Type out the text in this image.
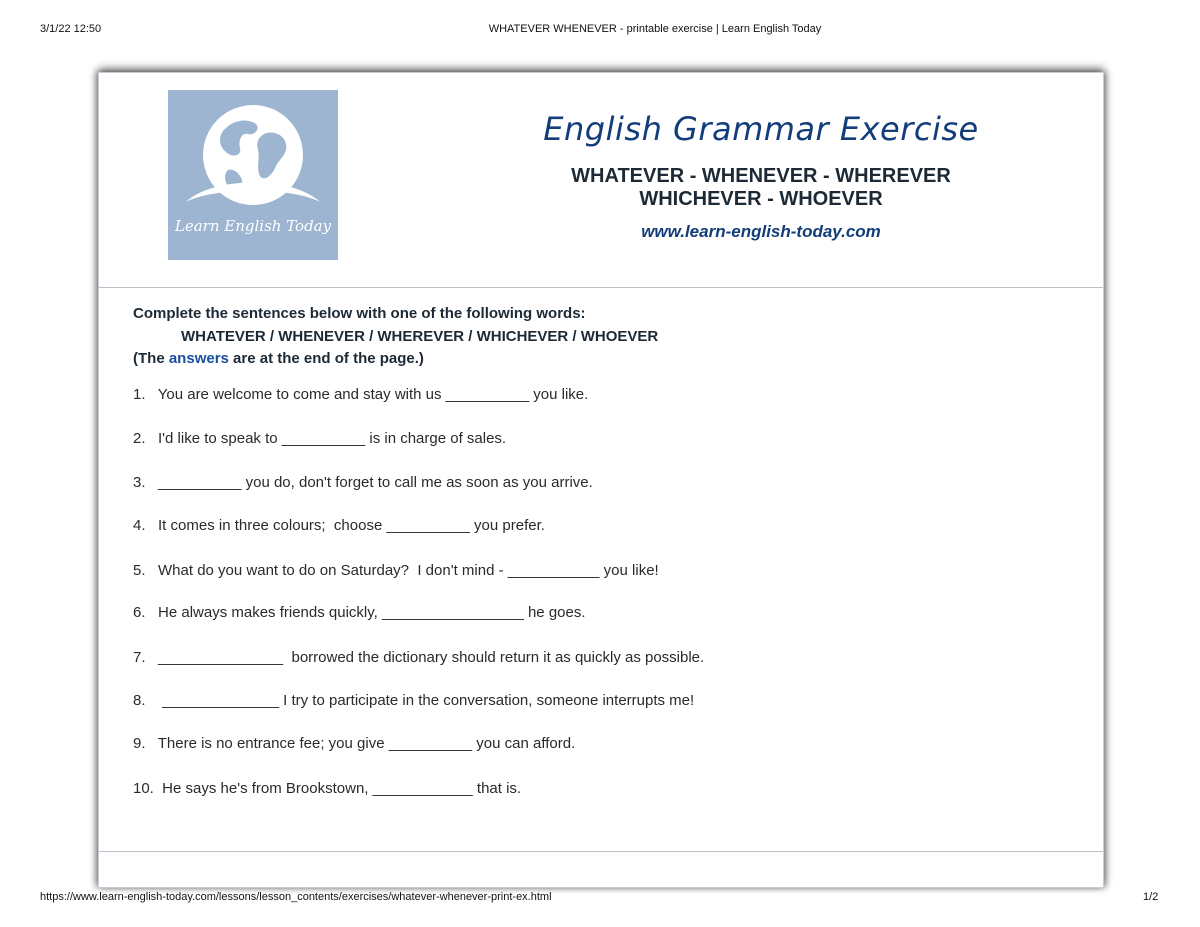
3/1/22 12:50	WHATEVER WHENEVER - printable exercise | Learn English Today
Learn English Today
English Grammar Exercise
WHATEVER - WHENEVER - WHEREVER
WHICHEVER - WHOEVER
www.learn-english-today.com
Complete the sentences below with one of the following words:
WHATEVER / WHENEVER / WHEREVER / WHICHEVER / WHOEVER
(The answers are at the end of the page.)
1.   You are welcome to come and stay with us __________ you like.
2.   I'd like to speak to __________ is in charge of sales.
3.   __________ you do, don't forget to call me as soon as you arrive.
4.   It comes in three colours;  choose __________ you prefer.
5.   What do you want to do on Saturday?  I don't mind - ___________ you like!
6.   He always makes friends quickly, _________________ he goes.
7.   _______________  borrowed the dictionary should return it as quickly as possible.
8.    ______________ I try to participate in the conversation, someone interrupts me!
9.   There is no entrance fee; you give __________ you can afford.
10.  He says he's from Brookstown, ____________ that is.
https://www.learn-english-today.com/lessons/lesson_contents/exercises/whatever-whenever-print-ex.html	1/2
